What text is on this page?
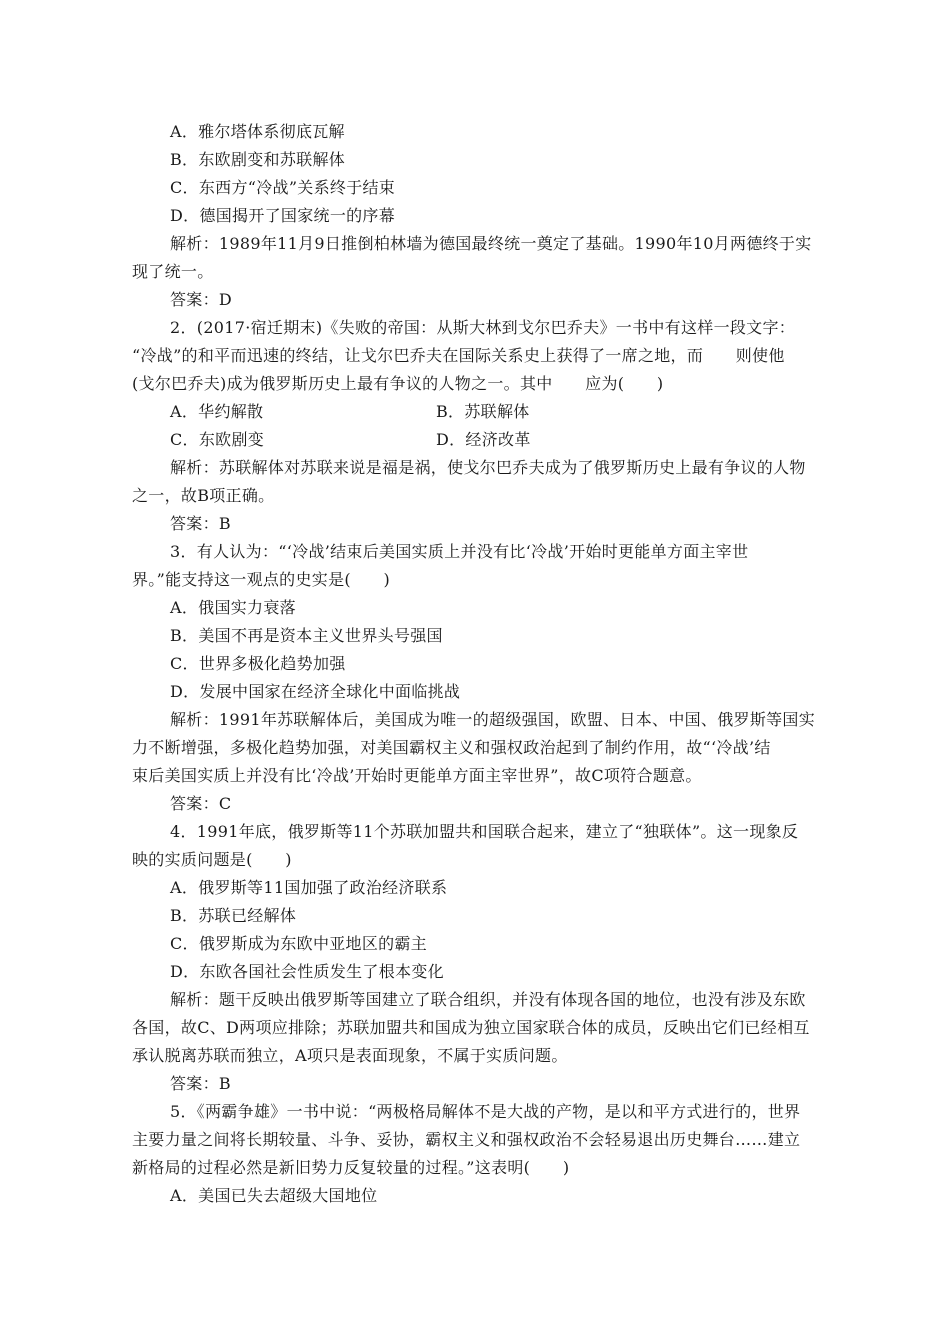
A．雅尔塔体系彻底瓦解
B．东欧剧变和苏联解体
C．东西方“冷战”关系终于结束
D．德国揭开了国家统一的序幕
解析：1989年11月9日推倒柏林墙为德国最终统一奠定了基础。1990年10月两德终于实
现了统一。
答案：D
2．(2017·宿迁期末)《失败的帝国：从斯大林到戈尔巴乔夫》一书中有这样一段文字：
“冷战”的和平而迅速的终结，让戈尔巴乔夫在国际关系史上获得了一席之地，而　　则使他
(戈尔巴乔夫)成为俄罗斯历史上最有争议的人物之一。其中　　应为(　　)
A．华约解散	B．苏联解体
C．东欧剧变	D．经济改革
解析：苏联解体对苏联来说是福是祸，使戈尔巴乔夫成为了俄罗斯历史上最有争议的人物
之一，故B项正确。
答案：B
3．有人认为：“‘冷战’结束后美国实质上并没有比‘冷战’开始时更能单方面主宰世
界。”能支持这一观点的史实是(　　)
A．俄国实力衰落
B．美国不再是资本主义世界头号强国
C．世界多极化趋势加强
D．发展中国家在经济全球化中面临挑战
解析：1991年苏联解体后，美国成为唯一的超级强国，欧盟、日本、中国、俄罗斯等国实
力不断增强，多极化趋势加强，对美国霸权主义和强权政治起到了制约作用，故“‘冷战’结
束后美国实质上并没有比‘冷战’开始时更能单方面主宰世界”，故C项符合题意。
答案：C
4．1991年底，俄罗斯等11个苏联加盟共和国联合起来，建立了“独联体”。这一现象反
映的实质问题是(　　)
A．俄罗斯等11国加强了政治经济联系
B．苏联已经解体
C．俄罗斯成为东欧中亚地区的霸主
D．东欧各国社会性质发生了根本变化
解析：题干反映出俄罗斯等国建立了联合组织，并没有体现各国的地位，也没有涉及东欧
各国，故C、D两项应排除；苏联加盟共和国成为独立国家联合体的成员，反映出它们已经相互
承认脱离苏联而独立，A项只是表面现象，不属于实质问题。
答案：B
5．《两霸争雄》一书中说：“两极格局解体不是大战的产物，是以和平方式进行的，世界
主要力量之间将长期较量、斗争、妥协，霸权主义和强权政治不会轻易退出历史舞台……建立
新格局的过程必然是新旧势力反复较量的过程。”这表明(　　)
A．美国已失去超级大国地位
